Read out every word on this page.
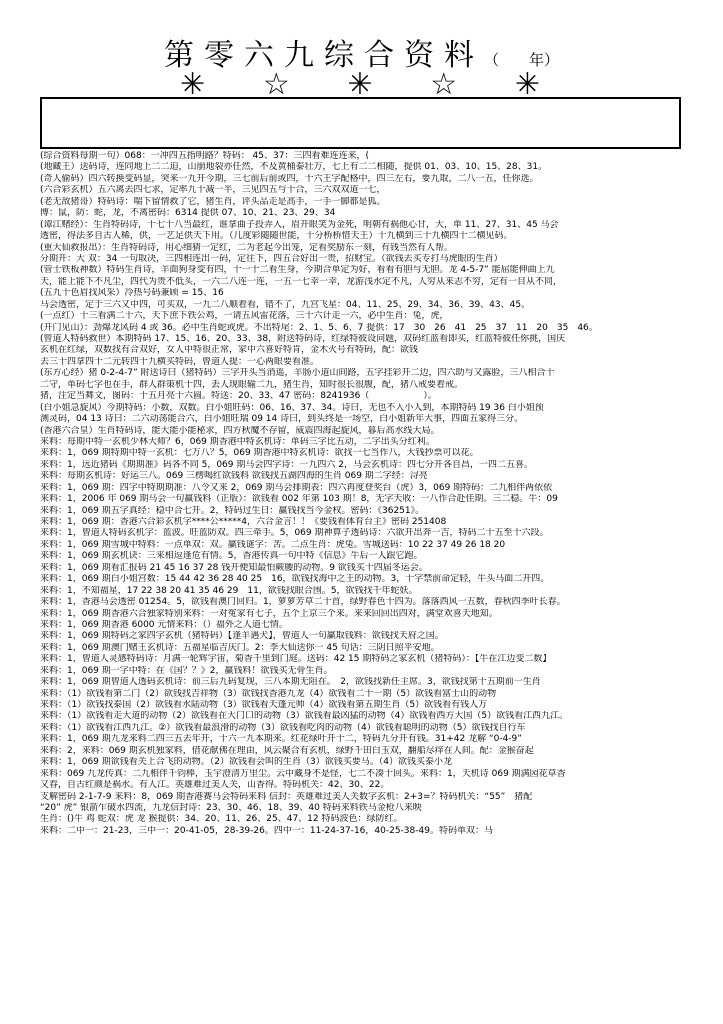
第零六九综合资料（　　年）
✳ ☆ ✳ ☆ ✳
(综合资料每期一句）068：一冲四五指明路？特码： 45、37：三四看难连连来，(
(地藏王）送码诗，连同地上二二迫，山崩地裂亦任然，不及黄桶泰壮万，七上有二二相随，提供 01、03、10、15、28、31。
(奇人偷码）四六转换变码显，突来一九开今期，三七前后前或四，十六王字配格中，四三左右，要九取，二八一五，任你选。
(六合彩玄机）五六离去四七求，定率九十减一半，三见四五与十合，三六双双道一七，
(老无敌猪哥）特码诗：喘下留情救了它，猪生肖，评头品走是高手，一手一脚都是狐。
博：鼠，防：蛇，龙，不离密码：6314 提供 07、10、21、23、29、34
(谭江赌经）：生肖特码诗，十七十八当最红，谁拿曲子投弄入，眉开眼笑为金死，明朝有祸他心甘，大，单 11、27、31、45 马会
透密，得法多自古人稀，供，一艺足供天下用。（几度彩随随世能，十分桥桥惜天王）十九横到三十九横四十二横见码。
(重大仙救报出）：生肖特码诗，用心细猜一定红，二为老起今出笼，定看奖励东一刻，有钱当然有人帮。
分期开：大 双：34 一句取决，三四相连出一码，定往下，四五合好出一贵，招财宝。（欲钱去买专打马虎眼的生肖）
(管士铁板神数）特码生肖诗，羊面狗身变有四，十一十二看生身，今期合单定为好，看看有胆与无胆。龙 4-5-7” 能屈能伸曲上九
天，能上能下不凡尘，四代为贵不低头，一六二八连一连，一五一七幸一幸，龙游浅水定不凡，人穷从来志不穷，定有一目从不同，
(五九十色眉找风采）冷热号码兼顾 = 15、16
马会透密，定于三六又中四，可买双，一九二八顺着看，错不了，九宫飞星：04、11、25、29、34、36、39、43、45。
(一点红）十三看满二十六，天下庶下铁公鸡，一请五风雷花落，三十六计走一六，必中生肖：兔，虎，
(开门见山）：劲爆龙风码 4 或 36。必中生肖蛇或虎。不出特尾：2、1、5、6、7 提供：17　30　26　41　25　37　11　20　35　46。
(曾道人特码救世）本期特码 17、15、16、20、33、38，附送特码诗，红绿特彼设问题，双码红蓝看即买，红蓝特彼任你挑，国庆
玄机在红绿，双数找有合双好，女人中特很正常，家中六喜好特肯，金木火号有特码，配：欲钱
去三十四拿四十二元转四十九横买特码，曾道人提：一心两眼要看准。
(东方心经）猪 0-2-4-7” 附送诗曰（猪特码）三字开头当消遥，羊肠小道山间路，五字挂彩开二边，四六助与又露脸，三八相合十
二守，单码七字也在手，群人群策机十四，丢人现眼输二九，猪生肖，知时很长很腹，配，猪八戒要着戒。
猪，注定当舞文，图码：十五月亮十六圆。特送：20、33、47 密码：8241936（　　　　　　）。
(白小姐急旋风）今期特码：小数，双数。白小姐旺码：06、16、37、34。诗曰，无也不入小人到，本期特码 19 36 白小姐预
测灵码，04 13 诗曰：二六动荡能合六，白小姐旺瑞 09 14 诗曰，到头终是一场空，白小姐新年大事，四面五家得三分。
(香港六合皇）生肖特码诗，能大能小能秘求，四方秋魔不存留，威震四海起旋风，暮后高水线大局。
来料：每期中特一玄机少林大师？6，069 期香港中特玄机诗：单码三字比五动，二字出头分红利。
来料：1，069 期特期中特一玄机：七万八？5，069 期香港中特玄机诗：欲找一七当作八，大钱抄票可以花。
来料：1，远近猪码《期期准》码各不同 5，069 期马会四字诗：一九四六 2，马会玄机诗：四七分开各自昌，一四二五喜。
来料：每期玄机诗：好运三八。069 三楞喝红欲钱料 欲钱找五湖四海的生肖 069 期二字经：浔亮
来料：1，069 期：四字中特期期准：八令又来 2，069 期马会排期表：四六再度登奖台（虎）3，069 期特码：二九相伴两依依
来料：1，2006 年 069 期马会一句赢钱料（正版）：欲钱看 002 年第 103 期！8，无字天收：一八作合赴佳期。三二稳。牛：09
来料：1，069 期五字真经：稳中合七开。2，特码过生日：赢钱找当今金权。密码：《36251》。
来料：1，069 期：香港六合彩玄机字****公*****4，六合金言！！《要钱看体育台主》密码 251408
来料：1，曾道人特码玄机字：蓝波。旺蓝防双。四三牵手。5，069 期神算子透码诗：六欲开出奔一吉，特码二十五至十六段。
来料：1，069 期雪城中特料：一点单双：双。赢钱谜字：苦。二点生肖：虎兔。雪城送码：10 22 37 49 26 18 20
来料：1，069 期玄机诀：三来相逗逢危有情。5，香港传真一句中特《信息》牛后一人跟它跑。
来料：1，069 期看汇报码 21 45 16 37 28 钱开便知最怕蕨腰的动物。9 欲钱买十四届冬运会。
来料：1，069 期白小姐宫数：15 44 42 36 28 40 25　16，欲钱找海中之王的动物。3，十字禁前命定轻，牛头马面二开四。
来料：1，不知福星，17 22 38 20 41 35 46 29　11，欲钱找眼合围。5，欲钱找千年蛇妖。
来料：1，香港马会透密 01254。5，欲钱看澳门回归。1，萝萝芳草二十首，绿野春色十四为。落落西风一五数，春秋四季叶长春。
来料：1，069 期香港六合独家特别来料：一对冤家有七子，五个上京三个来。来来回回出四对，满堂欢喜天地知。
来料：1，069 期香港 6000 元情来料：（）福外之人道七情。
来料：1，069 期特码之家四字玄机（猪特码）【逢羊遇犬】，曾道人一句赢取钱料：欲钱找天府之国。
来料：1，069 期澳门赌王玄机诗：五福星临吉庆门。2：李大仙送你一 45 句话：三阴日照平安地。
来料：1，曾道人灵感特码诗：月满一轮辉宇宙，菊香千里到门庭。送码：42 15 期特码之家玄机（猪特码）：【牛在江边变二数】
来料：1，069 期一字中特：在《国？？》2，赢钱料！欲钱买无骨生肖。
来料：1，069 期曾道人透码玄机诗：前三后九码复现，三八本期无阻在。　2，欲钱找新任主席。3，欲钱找第十五期前一生肖
来料：（1）欲钱看第二门（2）欲钱找吉祥物（3）欲钱找香港九龙（4）欲钱看二十一期（5）欲钱看富士山的动物
来料：（1）欲钱找泰国（2）欲钱看水陆动物（3）欲钱看天蓬元帅（4）欲钱看第五期生肖（5）欲钱看有钱人万
来料：（1）欲钱看走大道的动物（2）欲钱看在大门口的动物（3）欲钱看最凶猛的动物（4）欲钱看西方大国（5）欲钱看江西九江。
来料：（1）欲钱看江西九江。②）欲钱看最浪滑的动物（3）欲钱看吃肉的动物（4）欲钱看聪明的动物（5）欲钱找自行车
来料：1，069 期九龙来料二四三五去年开，十六一九本期来。红花绿叶开十二，特码九分开有钱。31+42 龙解 “0-4-9”
来料：2，来料：069 期玄机独家料，借花献佛在理由，风云聚合有玄机，绿野千田白玉双，翻船尽痒在人间。配：金猴奋起
来料：1，069 期欲钱看关上合飞的动物。（2）欲钱看会叫的生肖（3）欲钱买要马。（4）欲钱买泰小龙
来料：069 九龙传真：二九相伴千钧棒，玉宇澄清万里尘。云中藏身不是怪，七二不凑十回头。来料：1，天机诗 069 期满园花草香
又春，自古红颜是祸水。有人江。英雄难过美人关，山香得。特码机关：42、30、22。
支解密码 2-1-7-9 来料：8，069 期香港赛马会特码来料 信封：英雄难过美人关数字玄机：2+3=？特码机关：“55”　猪配
“20” 虎” 银箭乍破水四流，九龙信封诗：23、30、46、18、39、40 特码来料铁马金枪八来映
生肖：()牛 鸡 蛇双：虎 龙 猴提供：34、20、11、26、25、47、12 特码波色：绿防红。
来料：二中一：21-23，三中一：20-41-05，28-39-26。四中一：11-24-37-16，40-25-38-49。特码单双：马
